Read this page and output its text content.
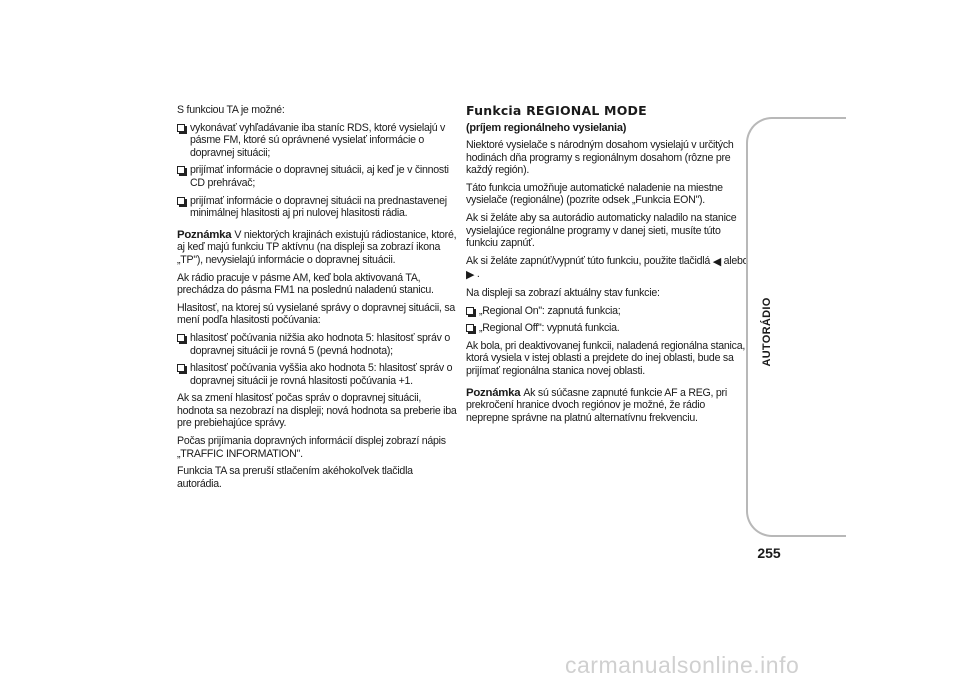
S funkciou TA je možné:

vykonávať vyhľadávanie iba staníc RDS, ktoré vysielajú v pásme FM, ktoré sú oprávnené vysielať informácie o dopravnej situácii;
prijímať informácie o dopravnej situácii, aj keď je v činnosti CD prehrávač;
prijímať informácie o dopravnej situácii na prednastavenej minimálnej hlasitosti aj pri nulovej hlasitosti rádia.

Poznámka V niektorých krajinách existujú rádiostanice, ktoré, aj keď majú funkciu TP aktívnu (na displeji sa zobrazí ikona „TP"), nevysielajú informácie o dopravnej situácii.

Ak rádio pracuje v pásme AM, keď bola aktivovaná TA, prechádza do pásma FM1 na poslednú naladenú stanicu.

Hlasitosť, na ktorej sú vysielané správy o dopravnej situácii, sa mení podľa hlasitosti počúvania:

hlasitosť počúvania nižšia ako hodnota 5: hlasitosť správ o dopravnej situácii je rovná 5 (pevná hodnota);
hlasitosť počúvania vyššia ako hodnota 5: hlasitosť správ o dopravnej situácii je rovná hlasitosti počúvania +1.

Ak sa zmení hlasitosť počas správ o dopravnej situácii, hodnota sa nezobrazí na displeji; nová hodnota sa preberie iba pre prebiehajúce správy.

Počas prijímania dopravných informácií displej zobrazí nápis „TRAFFIC INFORMATION".

Funkcia TA sa preruší stlačením akéhokoľvek tlačidla autorádia.

Funkcia REGIONAL MODE

(príjem regionálneho vysielania)

Niektoré vysielače s národným dosahom vysielajú v určitých hodinách dňa programy s regionálnym dosahom (rôzne pre každý región).

Táto funkcia umožňuje automatické naladenie na miestne vysielače (regionálne) (pozrite odsek „Funkcia EON").

Ak si želáte aby sa autorádio automaticky naladilo na stanice vysielajúce regionálne programy v danej sieti, musíte túto funkciu zapnúť.

Ak si želáte zapnúť/vypnúť túto funkciu, použite tlačidlá ◀ alebo
▶ .

Na displeji sa zobrazí aktuálny stav funkcie:

„Regional On": zapnutá funkcia;
„Regional Off": vypnutá funkcia.

Ak bola, pri deaktivovanej funkcii, naladená regionálna stanica, ktorá vysiela v istej oblasti a prejdete do inej oblasti, bude sa prijímať regionálna stanica novej oblasti.

Poznámka Ak sú súčasne zapnuté funkcie AF a REG, pri prekročení hranice dvoch regiónov je možné, že rádio neprepne správne na platnú alternatívnu frekvenciu.

AUTORÁDIO
255
carmanualsonline.info
